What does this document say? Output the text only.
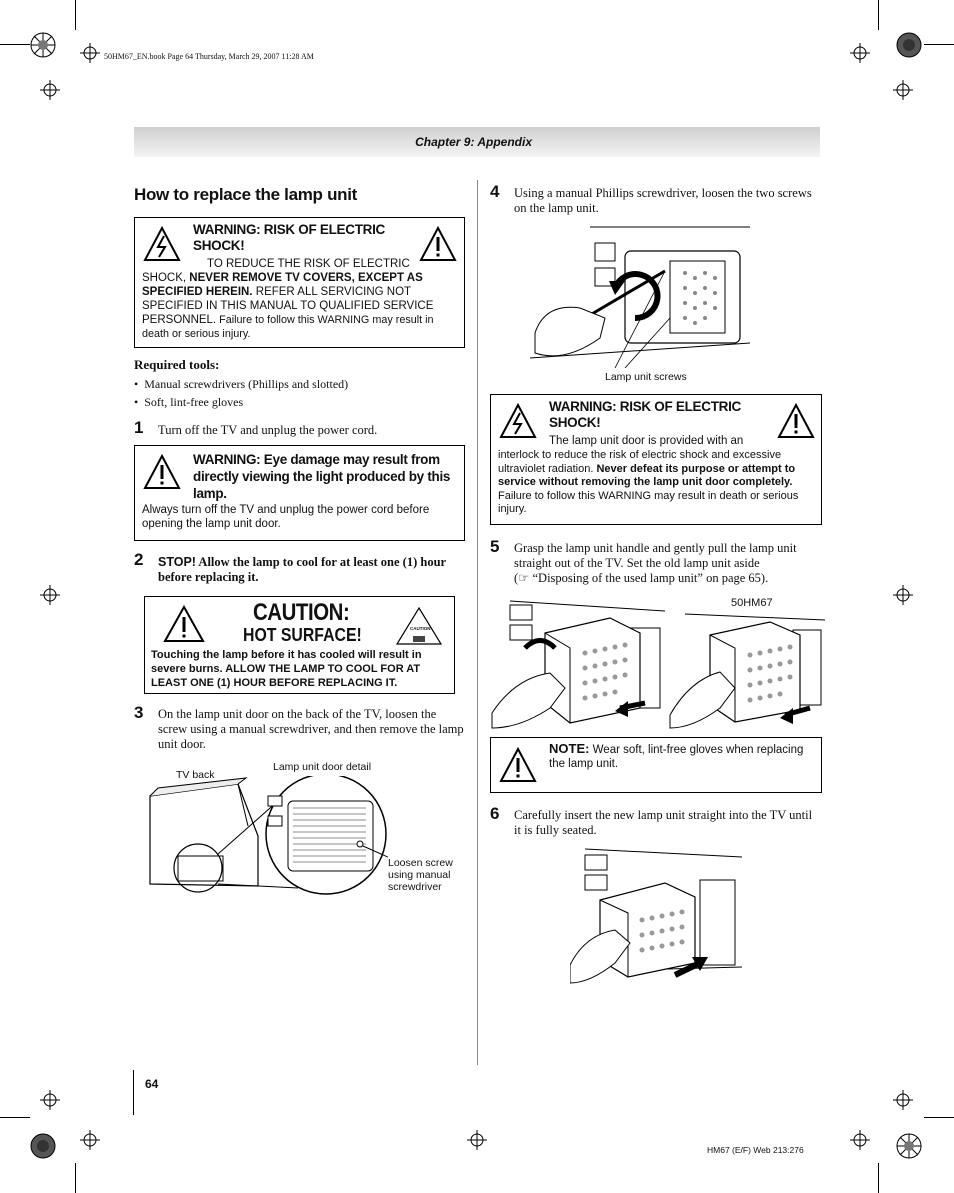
50HM67_EN.book Page 64 Thursday, March 29, 2007 11:28 AM
Chapter 9: Appendix
How to replace the lamp unit
WARNING: RISK OF ELECTRIC SHOCK!
TO REDUCE THE RISK OF ELECTRIC
SHOCK, NEVER REMOVE TV COVERS, EXCEPT AS SPECIFIED HEREIN. REFER ALL SERVICING NOT SPECIFIED IN THIS MANUAL TO QUALIFIED SERVICE PERSONNEL. Failure to follow this WARNING may result in death or serious injury.
Required tools:
•  Manual screwdrivers (Phillips and slotted)
•  Soft, lint-free gloves
1 Turn off the TV and unplug the power cord.
WARNING: Eye damage may result from directly viewing the light produced by this lamp.
Always turn off the TV and unplug the power cord before opening the lamp unit door.
2 STOP! Allow the lamp to cool for at least one (1) hour before replacing it.
CAUTION:
HOT SURFACE!	CAUTION
Touching the lamp before it has cooled will result in severe burns. ALLOW THE LAMP TO COOL FOR AT LEAST ONE (1) HOUR BEFORE REPLACING IT.
3 On the lamp unit door on the back of the TV, loosen the screw using a manual screwdriver, and then remove the lamp unit door.
TV back
Lamp unit door detail
Loosen screw using manual screwdriver
4 Using a manual Phillips screwdriver, loosen the two screws on the lamp unit.
Lamp unit screws
WARNING: RISK OF ELECTRIC SHOCK!
The lamp unit door is provided with an
interlock to reduce the risk of electric shock and excessive ultraviolet radiation. Never defeat its purpose or attempt to service without removing the lamp unit door completely. Failure to follow this WARNING may result in death or serious injury.
5 Grasp the lamp unit handle and gently pull the lamp unit straight out of the TV. Set the old lamp unit aside
(☞ “Disposing of the used lamp unit” on page 65).
50HM67
NOTE: Wear soft, lint-free gloves when replacing the lamp unit.
6 Carefully insert the new lamp unit straight into the TV until it is fully seated.
64
HM67 (E/F) Web 213:276
